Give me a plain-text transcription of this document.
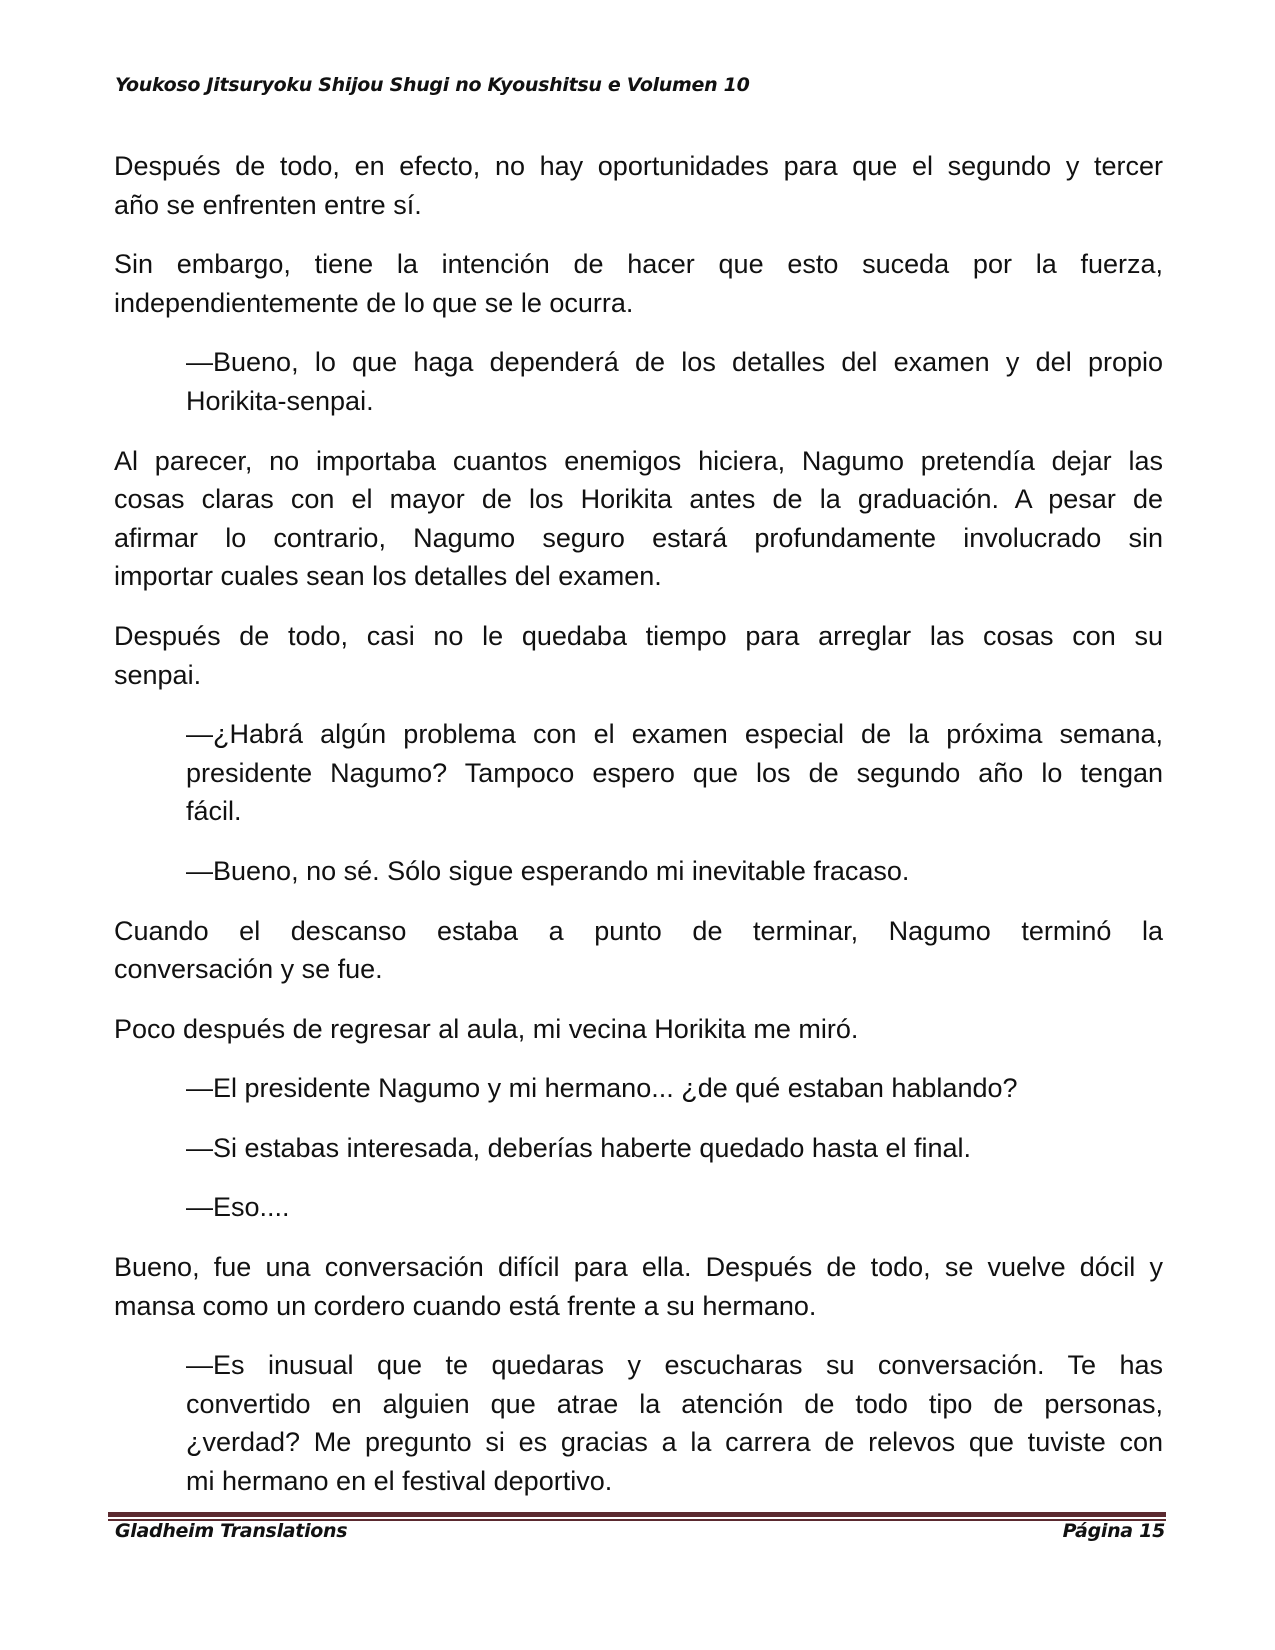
Youkoso Jitsuryoku Shijou Shugi no Kyoushitsu e Volumen 10
Después de todo, en efecto, no hay oportunidades para que el segundo y tercer
año se enfrenten entre sí.
Sin embargo, tiene la intención de hacer que esto suceda por la fuerza,
independientemente de lo que se le ocurra.
—Bueno, lo que haga dependerá de los detalles del examen y del propio
Horikita-senpai.
Al parecer, no importaba cuantos enemigos hiciera, Nagumo pretendía dejar las
cosas claras con el mayor de los Horikita antes de la graduación. A pesar de
afirmar lo contrario, Nagumo seguro estará profundamente involucrado sin
importar cuales sean los detalles del examen.
Después de todo, casi no le quedaba tiempo para arreglar las cosas con su
senpai.
—¿Habrá algún problema con el examen especial de la próxima semana,
presidente Nagumo? Tampoco espero que los de segundo año lo tengan
fácil.
—Bueno, no sé. Sólo sigue esperando mi inevitable fracaso.
Cuando el descanso estaba a punto de terminar, Nagumo terminó la
conversación y se fue.
Poco después de regresar al aula, mi vecina Horikita me miró.
—El presidente Nagumo y mi hermano... ¿de qué estaban hablando?
—Si estabas interesada, deberías haberte quedado hasta el final.
—Eso....
Bueno, fue una conversación difícil para ella. Después de todo, se vuelve dócil y
mansa como un cordero cuando está frente a su hermano.
—Es inusual que te quedaras y escucharas su conversación. Te has
convertido en alguien que atrae la atención de todo tipo de personas,
¿verdad? Me pregunto si es gracias a la carrera de relevos que tuviste con
mi hermano en el festival deportivo.
Gladheim Translations	Página 15
